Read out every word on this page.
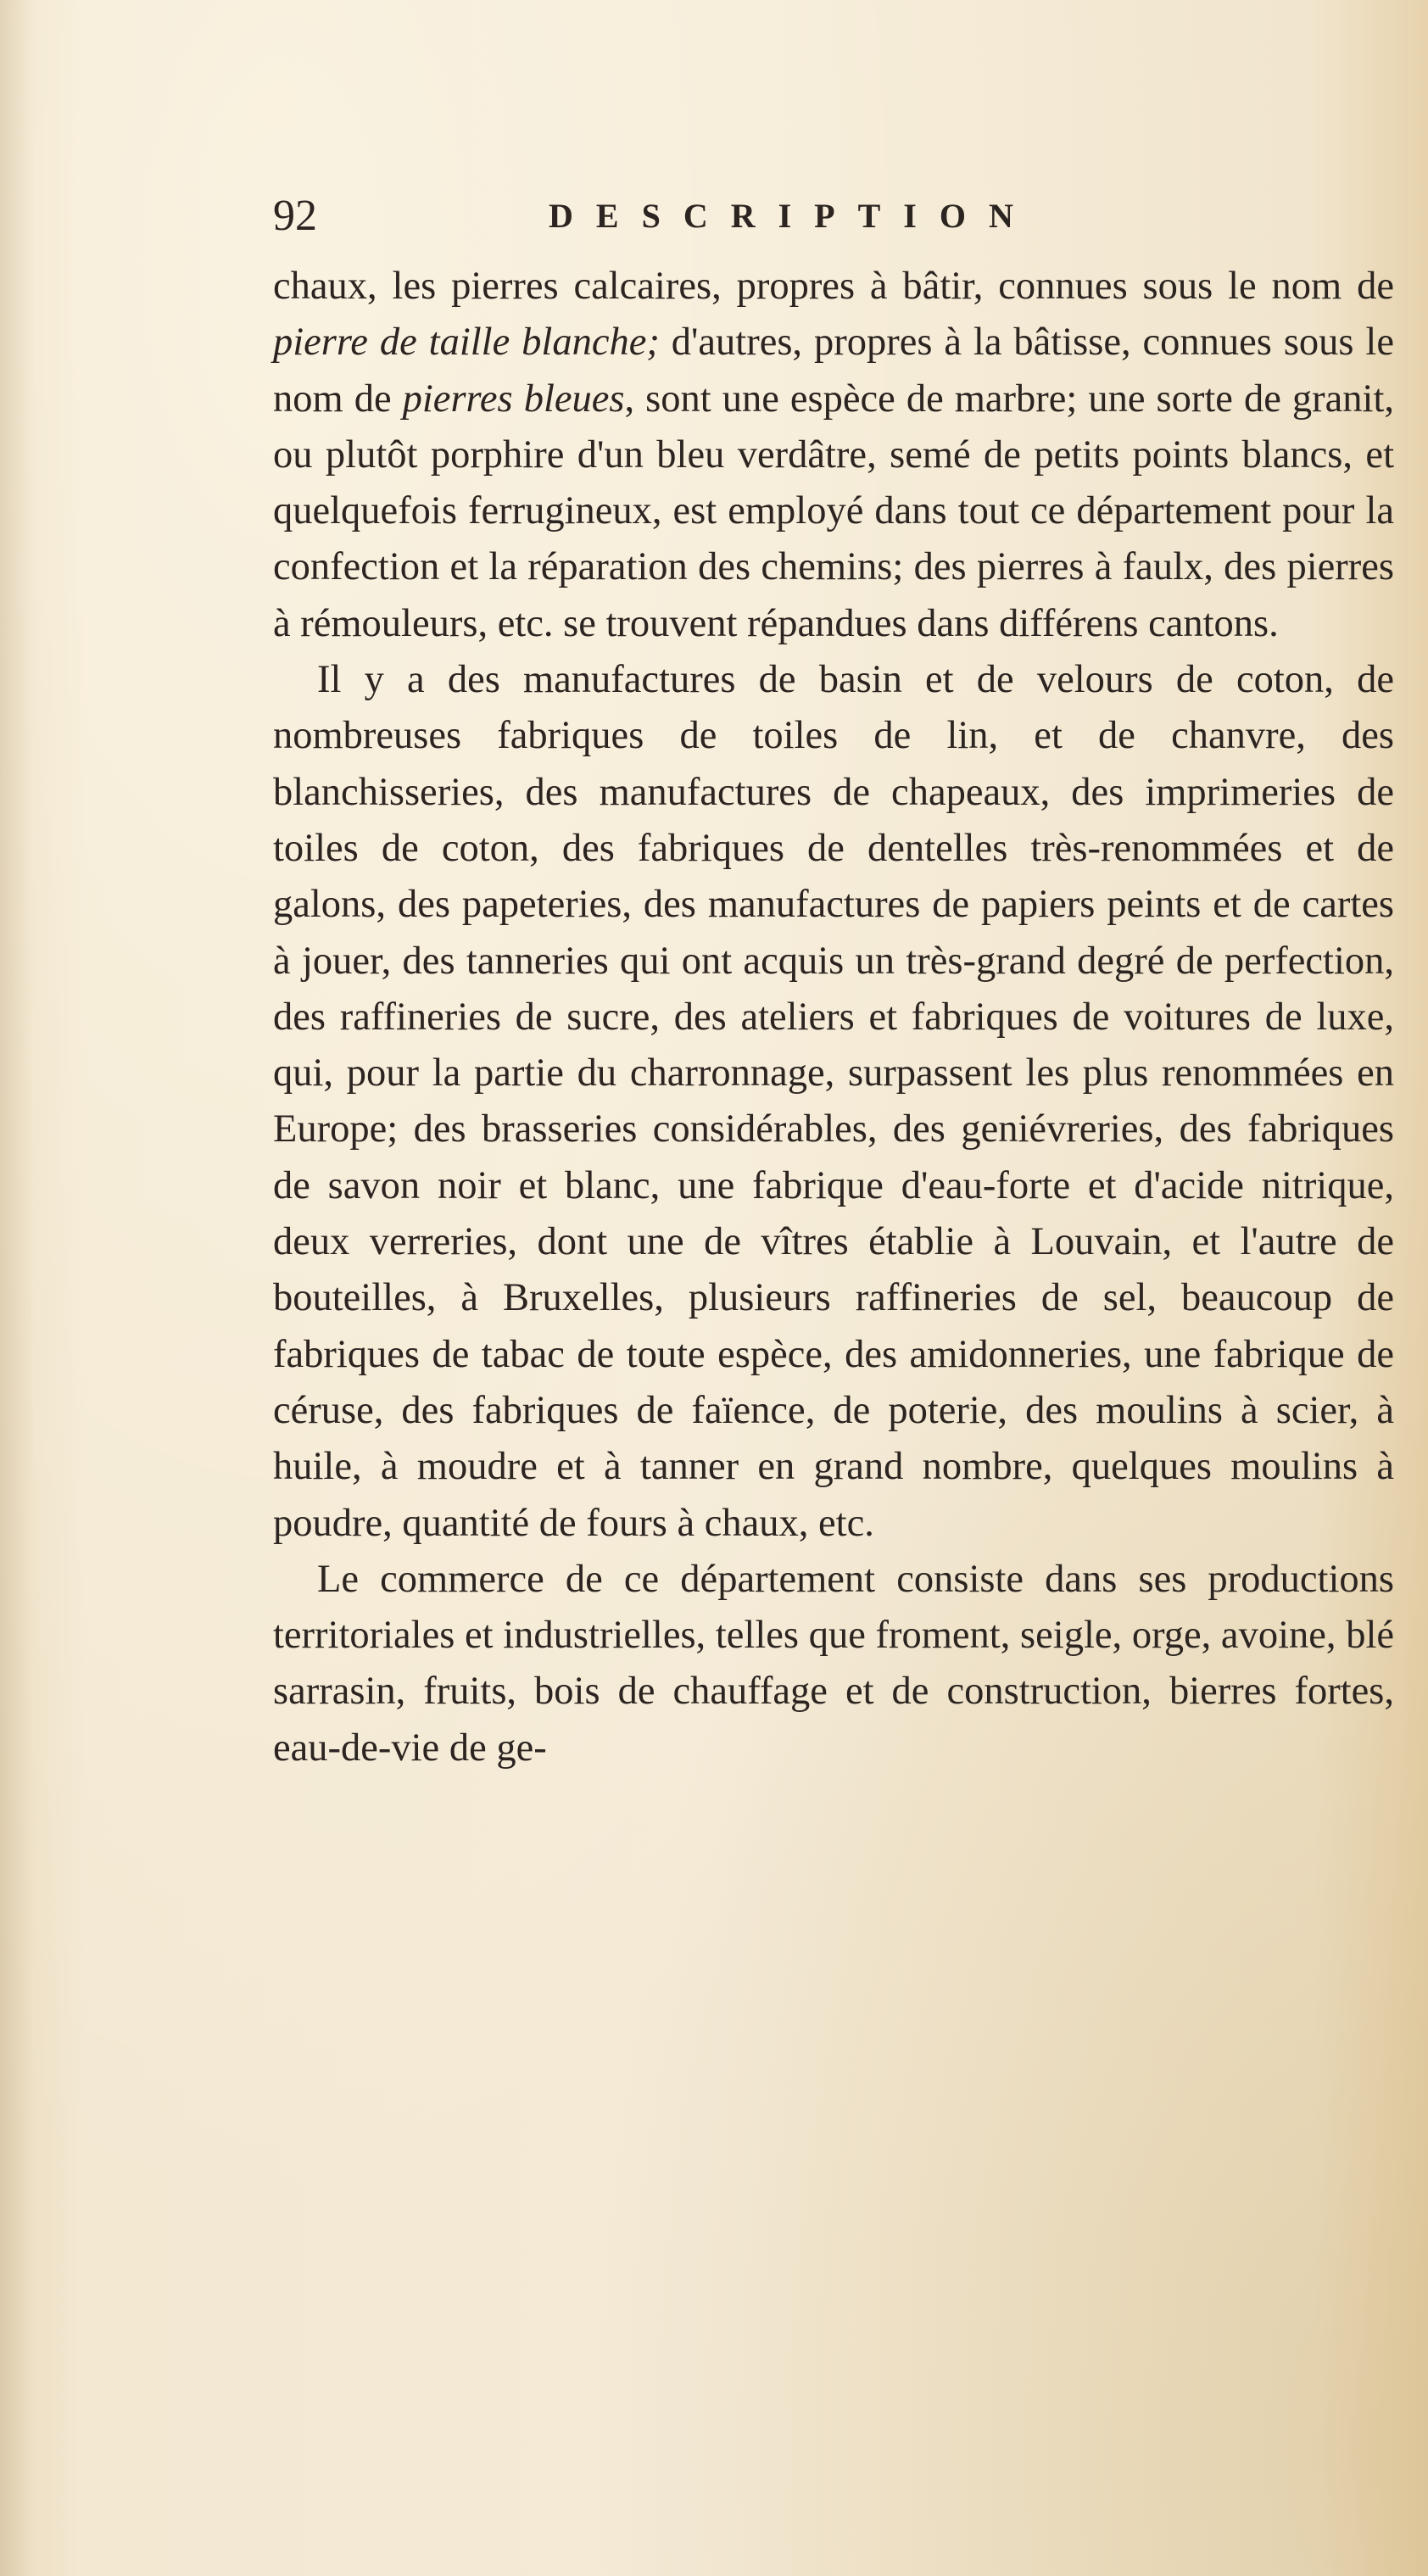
92	DESCRIPTION

chaux, les pierres calcaires, propres à bâtir, connues sous le nom de pierre de taille blanche; d'autres, propres à la bâtisse, connues sous le nom de pierres bleues, sont une espèce de marbre; une sorte de granit, ou plutôt porphire d'un bleu verdâtre, semé de petits points blancs, et quelquefois ferrugineux, est employé dans tout ce département pour la confection et la réparation des chemins; des pierres à faulx, des pierres à rémouleurs, etc. se trouvent répandues dans différens cantons.

Il y a des manufactures de basin et de velours de coton, de nombreuses fabriques de toiles de lin, et de chanvre, des blanchisseries, des manufactures de chapeaux, des imprimeries de toiles de coton, des fabriques de dentelles très-renommées et de galons, des papeteries, des manufactures de papiers peints et de cartes à jouer, des tanneries qui ont acquis un très-grand degré de perfection, des raffineries de sucre, des ateliers et fabriques de voitures de luxe, qui, pour la partie du charronnage, surpassent les plus renommées en Europe; des brasseries considérables, des geniévreries, des fabriques de savon noir et blanc, une fabrique d'eau-forte et d'acide nitrique, deux verreries, dont une de vîtres établie à Louvain, et l'autre de bouteilles, à Bruxelles, plusieurs raffineries de sel, beaucoup de fabriques de tabac de toute espèce, des amidonneries, une fabrique de céruse, des fabriques de faïence, de poterie, des moulins à scier, à huile, à moudre et à tanner en grand nombre, quelques moulins à poudre, quantité de fours à chaux, etc.

Le commerce de ce département consiste dans ses productions territoriales et industrielles, telles que froment, seigle, orge, avoine, blé sarrasin, fruits, bois de chauffage et de construction, bierres fortes, eau-de-vie de ge-
